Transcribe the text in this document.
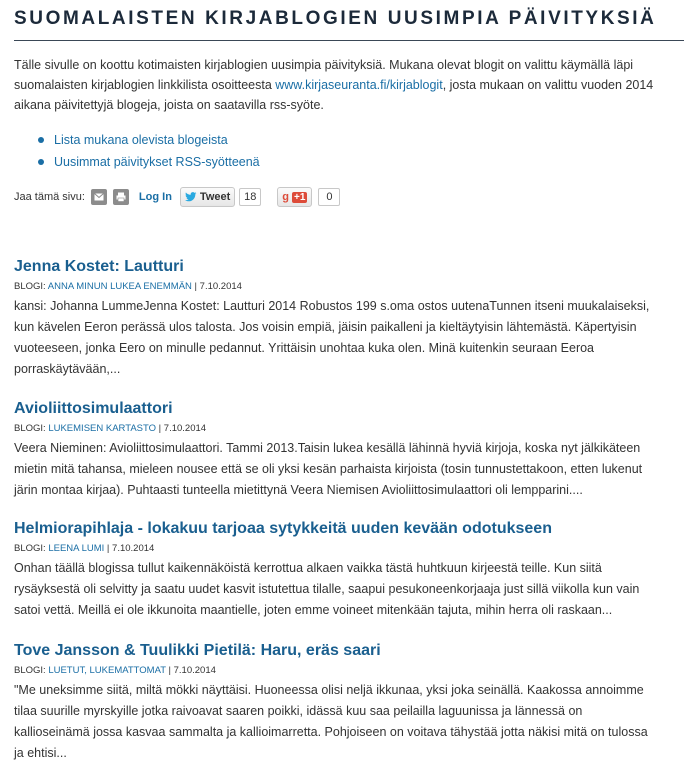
SUOMALAISTEN KIRJABLOGIEN UUSIMPIA PÄIVITYKSIÄ

Tälle sivulle on koottu kotimaisten kirjablogien uusimpia päivityksiä. Mukana olevat blogit on valittu käymällä läpi suomalaisten kirjablogien linkkilista osoitteesta www.kirjaseuranta.fi/kirjablogit, josta mukaan on valittu vuoden 2014 aikana päivitettyjä blogeja, joista on saatavilla rss-syöte.

Lista mukana olevista blogeista
Uusimmat päivitykset RSS-syötteenä
Jaa tämä sivu:	Log In	Tweet	18	g +1	0
Jenna Kostet: Lautturi

BLOGI: ANNA MINUN LUKEA ENEMMÄN | 7.10.2014

kansi: Johanna LummeJenna Kostet: Lautturi 2014 Robustos 199 s.oma ostos uutenaTunnen itseni muukalaiseksi,
kun kävelen Eeron perässä ulos talosta. Jos voisin empiä, jäisin paikalleni ja kieltäytyisin lähtemästä. Käpertyisin
vuoteeseen, jonka Eero on minulle pedannut. Yrittäisin unohtaa kuka olen. Minä kuitenkin seuraan Eeroa
porraskäytävään,...

Avioliittosimulaattori

BLOGI: LUKEMISEN KARTASTO | 7.10.2014

Veera Nieminen: Avioliittosimulaattori. Tammi 2013.Taisin lukea kesällä lähinnä hyviä kirjoja, koska nyt jälkikäteen
mietin mitä tahansa, mieleen nousee että se oli yksi kesän parhaista kirjoista (tosin tunnustettakoon, etten lukenut
järin montaa kirjaa). Puhtaasti tunteella mietittynä Veera Niemisen Avioliittosimulaattori oli lempparini....

Helmiorapihlaja - lokakuu tarjoaa sytykkeitä uuden kevään odotukseen

BLOGI: LEENA LUMI | 7.10.2014

Onhan täällä blogissa tullut kaikennäköistä kerrottua alkaen vaikka tästä huhtkuun kirjeestä teille. Kun siitä
rysäyksestä oli selvitty ja saatu uudet kasvit istutettua tilalle, saapui pesukoneenkorjaaja just sillä viikolla kun vain
satoi vettä. Meillä ei ole ikkunoita maantielle, joten emme voineet mitenkään tajuta, mihin herra oli raskaan...

Tove Jansson & Tuulikki Pietilä: Haru, eräs saari

BLOGI: LUETUT, LUKEMATTOMAT | 7.10.2014

"Me uneksimme siitä, miltä mökki näyttäisi. Huoneessa olisi neljä ikkunaa, yksi joka seinällä. Kaakossa annoimme
tilaa suurille myrskyille jotka raivoavat saaren poikki, idässä kuu saa peilailla laguunissa ja lännessä on
kallioseinämä jossa kasvaa sammalta ja kallioimarretta. Pohjoiseen on voitava tähystää jotta näkisi mitä on tulossa
ja ehtisi...
